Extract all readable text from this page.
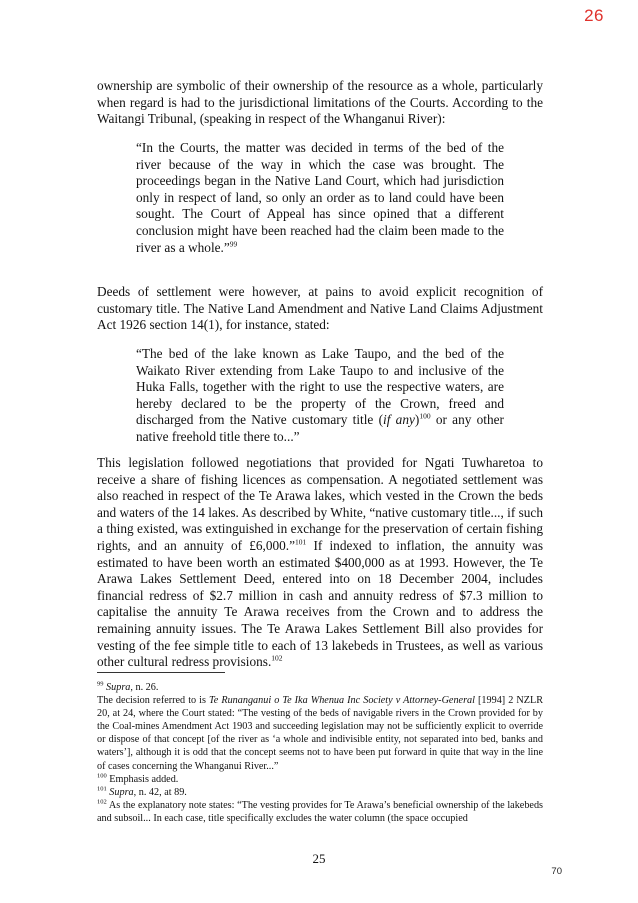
26

ownership are symbolic of their ownership of the resource as a whole, particularly when regard is had to the jurisdictional limitations of the Courts. According to the Waitangi Tribunal, (speaking in respect of the Whanganui River):

“In the Courts, the matter was decided in terms of the bed of the river because of the way in which the case was brought. The proceedings began in the Native Land Court, which had jurisdiction only in respect of land, so only an order as to land could have been sought. The Court of Appeal has since opined that a different conclusion might have been reached had the claim been made to the river as a whole.”$^{99}$

Deeds of settlement were however, at pains to avoid explicit recognition of customary title. The Native Land Amendment and Native Land Claims Adjustment Act 1926 section 14(1), for instance, stated:

“The bed of the lake known as Lake Taupo, and the bed of the Waikato River extending from Lake Taupo to and inclusive of the Huka Falls, together with the right to use the respective waters, are hereby declared to be the property of the Crown, freed and discharged from the Native customary title (if any)$^{100}$ or any other native freehold title there to...”

This legislation followed negotiations that provided for Ngati Tuwharetoa to receive a share of fishing licences as compensation. A negotiated settlement was also reached in respect of the Te Arawa lakes, which vested in the Crown the beds and waters of the 14 lakes. As described by White, “native customary title..., if such a thing existed, was extinguished in exchange for the preservation of certain fishing rights, and an annuity of £6,000.”$^{101}$ If indexed to inflation, the annuity was estimated to have been worth an estimated $400,000 as at 1993. However, the Te Arawa Lakes Settlement Deed, entered into on 18 December 2004, includes financial redress of $2.7 million in cash and annuity redress of $7.3 million to capitalise the annuity Te Arawa receives from the Crown and to address the remaining annuity issues. The Te Arawa Lakes Settlement Bill also provides for vesting of the fee simple title to each of 13 lakebeds in Trustees, as well as various other cultural redress provisions.$^{102}$

$^{99}$ Supra, n. 26.

The decision referred to is Te Runanganui o Te Ika Whenua Inc Society v Attorney-General [1994] 2 NZLR 20, at 24, where the Court stated: “The vesting of the beds of navigable rivers in the Crown provided for by the Coal-mines Amendment Act 1903 and succeeding legislation may not be sufficiently explicit to override or dispose of that concept [of the river as ‘a whole and indivisible entity, not separated into bed, banks and waters’], although it is odd that the concept seems not to have been put forward in quite that way in the line of cases concerning the Whanganui River...”

$^{100}$ Emphasis added.

$^{101}$ Supra, n. 42, at 89.

$^{102}$ As the explanatory note states: “The vesting provides for Te Arawa’s beneficial ownership of the lakebeds and subsoil... In each case, title specifically excludes the water column (the space occupied

25
70
